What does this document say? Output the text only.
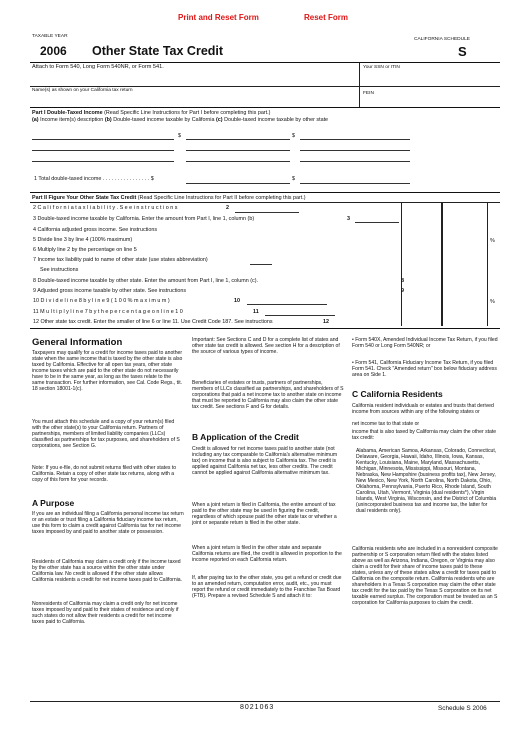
Print and Reset Form	Reset Form
TAXABLE YEAR
2006 Other State Tax Credit
CALIFORNIA SCHEDULE
S
Attach to Form 540, Long Form 540NR, or Form 541.	Your SSN or ITIN
Name(s) as shown on your California tax return
FEIN
Part I Double-Taxed Income (Read Specific Line Instructions for Part I before completing this part.)
(a) Income item(s) description (b) Double-taxed income taxable by California (c) Double-taxed income taxable by other state
$	$
1 Total double-taxed income . . . . . . . . . . . . . . . . $	$
Part II Figure Your Other State Tax Credit (Read Specific Line Instructions for Part II before completing this part.)
2 C a l i f o r n i a t a x l i a b i l i t y . S e e i n s t r u c t i o n s	2
3 Double-taxed income taxable by California. Enter the amount from Part I, line 1, column (b)	3
4 California adjusted gross income. See instructions
5 Divide line 3 by line 4 (100% maximum)	%
6 Multiply line 2 by the percentage on line 5
7 Income tax liability paid to name of other state (use states abbreviation)
See instructions
8 Double-taxed income taxable by other state. Enter the amount from Part I, line 1, column (c).	8
9 Adjusted gross income taxable by other state. See instructions	9
10 D i v i d e l i n e 8 b y l i n e 9 ( 1 0 0 % m a x i m u m )	10	%
11 M u l t i p l y l i n e 7 b y t h e p e r c e n t a g e o n l i n e 1 0	11
12 Other state tax credit. Enter the smaller of line 6 or line 11. Use Credit Code 187. See instructions	12
General Information
Taxpayers may qualify for a credit for income taxes paid to another state when the same income that is taxed by the other state is also taxed by California. Effective for all open tax years, other state income taxes which are paid to the other state do not necessarily have to be in the same year, as long as the taxes relate to the same transaction. For further information, see Cal. Code Regs., tit. 18 section 18001-1(c).
You must attach this schedule and a copy of your return(s) filed with the other state(s) to your California return. Partners of partnerships, members of limited liability companies (LLCs) classified as partnerships for tax purposes, and shareholders of S corporations, see Section G.
Note: If you e-file, do not submit returns filed with other states to California. Retain a copy of other state tax returns, along with a copy of this form for your records.
A Purpose
If you are an individual filing a California personal income tax return or an estate or trust filing a California fiduciary income tax return, use this form to claim a credit against California tax for net income taxes imposed by and paid to another state or possession.
Residents of California may claim a credit only if the income taxed by the other state has a source within the other state under California law. No credit is allowed if the other state allows California residents a credit for net income taxes paid to California.
Nonresidents of California may claim a credit only for net income taxes imposed by and paid to their states of residence and only if such states do not allow their residents a credit for net income taxes paid to California.
Important: See Sections C and D for a complete list of states and other state tax credit is allowed. See section H for a description of the source of various types of income.
Beneficiaries of estates or trusts, partners of partnerships, members of LLCs classified as partnerships, and shareholders of S corporations that paid a net income tax to another state on income that must be reported to California may also claim the other state tax credit. See sections F and G for details.
B Application of the Credit
Credit is allowed for net income taxes paid to another state (not including any tax comparable to California's alternative minimum tax) on income that is also subject to California tax. The credit is applied against California net tax, less other credits. The credit cannot be applied against California alternative minimum tax.
When a joint return is filed in California, the entire amount of tax paid to the other state may be used in figuring the credit, regardless of which spouse paid the other state tax or whether a joint or separate return is filed in the other state.
When a joint return is filed in the other state and separate California returns are filed, the credit is allowed in proportion to the income reported on each California return.
If, after paying tax to the other state, you get a refund or credit due to an amended return, computation error, audit, etc., you must report the refund or credit immediately to the Franchise Tax Board (FTB). Prepare a revised Schedule S and attach it to:
• Form 540X, Amended Individual Income Tax Return, if you filed Form 540 or Long Form 540NR; or
• Form 541, California Fiduciary Income Tax Return, if you filed Form 541. Check "Amended return" box below fiduciary address area on Side 1.
C California Residents
California resident individuals or estates and trusts that derived income from sources within any of the following states or
net income tax to that state or
income that is also taxed by California may claim the other state tax credit:
Alabama, American Samoa, Arkansas, Colorado, Connecticut, Delaware, Georgia, Hawaii, Idaho, Illinois, Iowa, Kansas, Kentucky, Louisiana, Maine, Maryland, Massachusetts, Michigan, Minnesota, Mississippi, Missouri, Montana, Nebraska, New Hampshire (business profits tax), New Jersey, New Mexico, New York, North Carolina, North Dakota, Ohio, Oklahoma, Pennsylvania, Puerto Rico, Rhode Island, South Carolina, Utah, Vermont, Virginia (dual residents*), Virgin Islands, West Virginia, Wisconsin, and the District of Columbia (unincorporated business tax and income tax, the latter for dual residents only).
California residents who are included in a nonresident composite partnership or S corporation return filed with the states listed above as well as Arizona, Indiana, Oregon, or Virginia may also claim a credit for their share of income taxes paid to these states, unless any of these states allow a credit for taxes paid to California on the composite return. California residents who are shareholders in a Texas S corporation may claim the other state tax credit for the tax paid by the Texas S corporation on its net taxable earned surplus. The corporation must be treated as an S corporation for California purposes to claim the credit.
8021063	Schedule S 2006
